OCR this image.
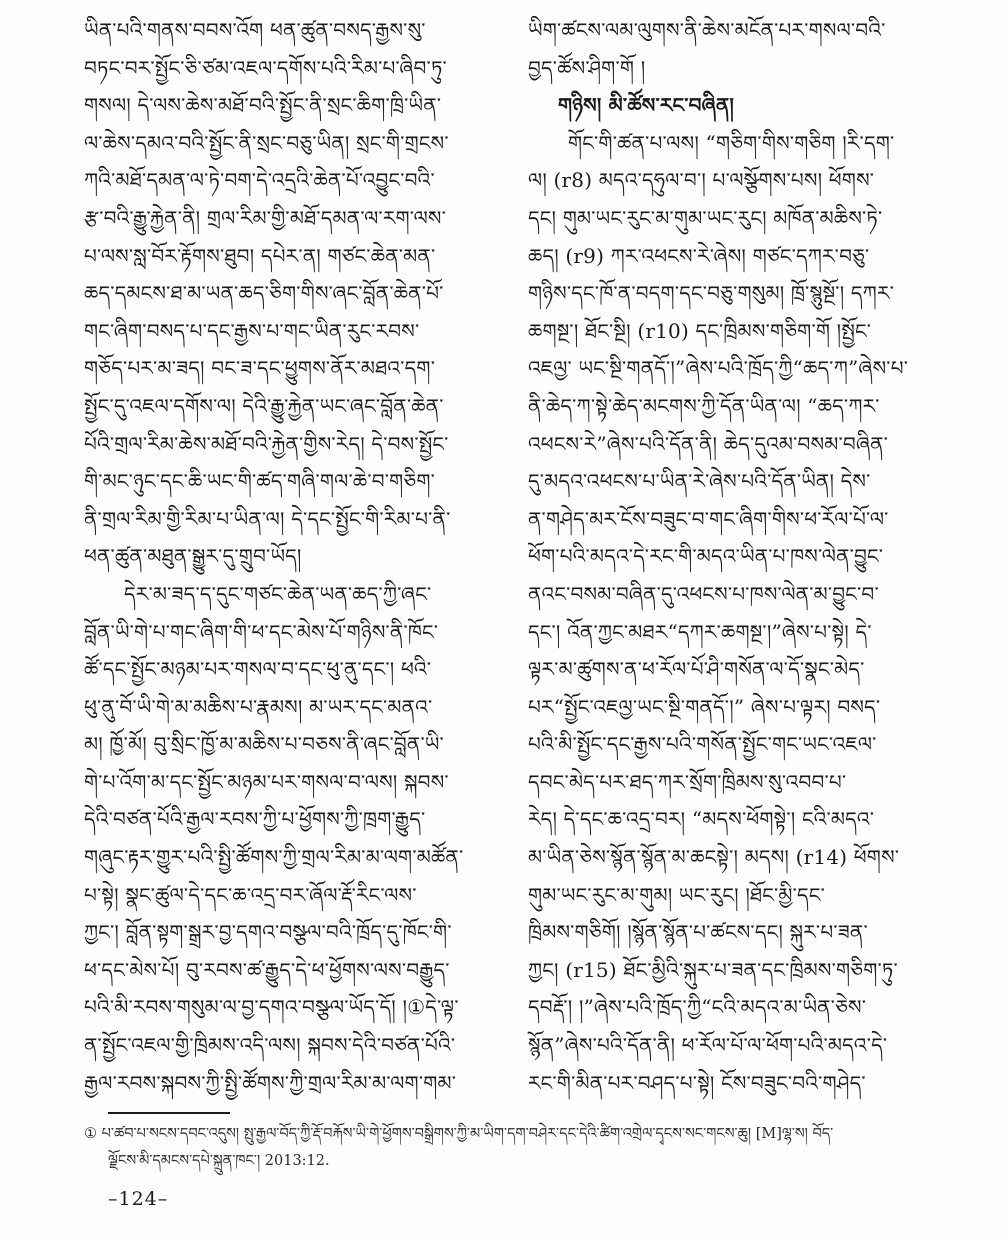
ཡིན་པའི་གནས་བབས་འོག ཕན་ཚུན་བསད་རྒྱས་སུ་
བཏང་བར་སྤྱོང་ཅི་ཙམ་འཇལ་དགོས་པའི་རིམ་པ་ཞིབ་ཏུ་
གསལ། དེ་ལས་ཆེས་མཐོ་བའི་སྤྱོང་ནི་སྲང་ཆིག་ཁྲི་ཡིན་
ལ་ཆེས་དམའ་བའི་སྤྱོང་ནི་སྲང་བཅུ་ཡིན། སྲང་གི་གྲངས་
ཀའི་མཐོ་དམན་ལ་ཏེ་བག་དེ་འདྲའི་ཆེན་པོ་འབྱུང་བའི་
རྩ་བའི་རྒྱུ་རྐྱེན་ནི། གྲལ་རིམ་གྱི་མཐོ་དམན་ལ་རག་ལས་
པ་ལས་སླ་བོར་རྟོགས་ཐུབ། དཔེར་ན། གཙང་ཆེན་མན་
ཆད་དམངས་ཐ་མ་ཡན་ཆད་ཅིག་གིས་ཞང་བློན་ཆེན་པོ་
གང་ཞིག་བསད་པ་དང་རྒྱས་པ་གང་ཡིན་རུང་རབས་
གཅོད་པར་མ་ཟད། བང་ཟ་དང་ཕྱུགས་ནོར་མཐའ་དག་
སྤྱོང་དུ་འཇལ་དགོས་ལ། དེའི་རྒྱུ་རྐྱེན་ཡང་ཞང་བློན་ཆེན་
པོའི་གྲལ་རིམ་ཆེས་མཐོ་བའི་རྐྱེན་གྱིས་རེད། དེ་བས་སྤྱོང་
གི་མང་ཉུང་དང་ཆི་ཡང་གི་ཚད་གཞི་གལ་ཆེ་བ་གཅིག་
ནི་གྲལ་རིམ་གྱི་རིམ་པ་ཡིན་ལ། དེ་དང་སྤྱོང་གི་རིམ་པ་ནི་
ཕན་ཚུན་མཐུན་སྒྱུར་དུ་གྲུབ་ཡོད།
དེར་མ་ཟད་ད་དུང་གཙང་ཆེན་ཡན་ཆད་ཀྱི་ཞང་
བློན་ཡི་གེ་པ་གང་ཞིག་གི་ཕ་དང་མེས་པོ་གཉིས་ནི་ཁོང་
ཚོ་དང་སྤྱོང་མཉམ་པར་གསལ་བ་དང་ཕུ་ནུ་དང་། ཕའི་
ཕུ་ནུ་བོ་ཡི་གེ་མ་མཆིས་པ་རྣམས། མ་ཡར་དང་མནའ་
མ། ཁྱོ་མོ། བུ་སྲིང་ཁྱོ་མ་མཆིས་པ་བཅས་ནི་ཞང་བློན་ཡི་
གེ་པ་འོག་མ་དང་སྤྱོང་མཉམ་པར་གསལ་བ་ལས། སྐབས་
དེའི་བཙན་པོའི་རྒྱལ་རབས་ཀྱི་པ་ཕྱོགས་ཀྱི་ཁྲག་རྒྱུད་
གཞུང་རྟར་གྱུར་པའི་སྤྱི་ཚོགས་ཀྱི་གྲལ་རིམ་མ་ལག་མཚོན་
པ་སྟེ། སྣང་ཚུལ་དེ་དང་ཆ་འདྲ་བར་ཞོལ་རྡོ་རིང་ལས་
ཀྱང་། བློན་སྟག་སྒྲར་བྱ་དགའ་བསྩལ་བའི་ཁྲོད་དུ་ཁོང་གི་
ཕ་དང་མེས་པོ། བུ་རབས་ཚ་རྒྱུད་དེ་ཕ་ཕྱོགས་ལས་བརྒྱུད་
པའི་མི་རབས་གསུམ་ལ་བྱ་དགའ་བསྩལ་ཡོད་དོ། །①དེ་ལྟ་
ན་སྤྱོང་འཇལ་གྱི་ཁྲིམས་འདི་ལས། སྐབས་དེའི་བཙན་པོའི་
རྒྱལ་རབས་སྐབས་ཀྱི་སྤྱི་ཚོགས་ཀྱི་གྲལ་རིམ་མ་ལག་གམ་
ཡིག་ཚངས་ལམ་ལུགས་ནི་ཆེས་མངོན་པར་གསལ་བའི་
བྱད་ཚོས་ཤིག་གོ །
གཉིས། མི་ཚོས་རང་བཞིན།
གོང་གི་ཚན་པ་ལས། “གཅིག་གིས་གཅིག །རི་དག་
ལ། (r8) མདའ་དཧུལ་བ་། པ་ལསྩོགས་པས། ཕོགས་
དང། གུམ་ཡང་རུང་མ་གུམ་ཡང་རུང། མཁོན་མཆིས་ཏེ་
ཆད། (r9) ཀར་འཕངས་རེ་ཞེས། གཙང་དཀར་བཅུ་
གཉིས་དང་ཁོ་ན་བདག་དང་བཅུ་གསུམ། ཁྲོ་སྙུསྔོ་། དཀར་
ཆགསྔ་། ཐོང་སྔི། (r10) དང་ཁྲིམས་གཅིག་གོ །སྤྱོང་
འཇལྱ་ ཡང་སྔི་གནདོ་།”ཞེས་པའི་ཁྲོད་ཀྱི“ཆད་ཀ”ཞེས་པ་
ནི་ཆེད་ཀ་སྟེ་ཆེད་མངགས་ཀྱི་དོན་ཡིན་ལ། “ཆད་ཀར་
འཕངས་རེ”ཞེས་པའི་དོན་ནི། ཆེད་དུའམ་བསམ་བཞིན་
དུ་མདའ་འཕངས་པ་ཡིན་རེ་ཞེས་པའི་དོན་ཡིན། དེས་
ན་གཤེད་མར་ངོས་བཟུང་བ་གང་ཞིག་གིས་ཕ་རོལ་པོ་ལ་
ཕོག་པའི་མདའ་དེ་རང་གི་མདའ་ཡིན་པ་ཁས་ལེན་བྱུང་
ནའང་བསམ་བཞིན་དུ་འཕངས་པ་ཁས་ལེན་མ་བྱུང་བ་
དང་། འོན་ཀྱང་མཐར“དཀར་ཆགསྔ་།”ཞེས་པ་སྟེ། དེ་
ལྟར་མ་ཚུགས་ན་ཕ་རོལ་པོ་ཤི་གསོན་ལ་དོ་སྣང་མེད་
པར“སྤྱོང་འཇལྱ་ཡང་སྔི་གནདོ་།” ཞེས་པ་ལྟར། བསད་
པའི་མི་སྤྱོང་དང་རྒྱས་པའི་གསོན་སྤྱོང་གང་ཡང་འཇལ་
དབང་མེད་པར་ཐད་ཀར་སྲོག་ཁྲིམས་སུ་འབབ་པ་
རེད། དེ་དང་ཆ་འདྲ་བར། “མདས་ཕོགསྟེ་། ངའི་མདའ་
མ་ཡིན་ཅེས་སྙོན་སྙོན་མ་ཆངསྟེ་། མདས། (r14) ཕོགས་
གུམ་ཡང་རུང་མ་གུམ། ཡང་རུང། །ཐོང་མྱི་དང་
ཁྲིམས་གཅིགོ། །སྙོན་སྙོན་པ་ཚངས་དང། སྐུར་པ་ཟན་
ཀྱང། (r15) ཐོང་མྱིའི་སྐུར་པ་ཟན་དང་ཁྲིམས་གཅིག་ཏུ་
དབརྡོ་། །”ཞེས་པའི་ཁྲོད་ཀྱི“ངའི་མདའ་མ་ཡིན་ཅེས་
སྙོན”ཞེས་པའི་དོན་ནི། ཕ་རོལ་པོ་ལ་ཕོག་པའི་མདའ་དེ་
རང་གི་མིན་པར་བཤད་པ་སྟེ། ངོས་བཟུང་བའི་གཤེད་
① པ་ཚབ་པ་སངས་དབང་འདུས། སྤུ་རྒྱལ་བོད་ཀྱི་རྡོ་བརྐོས་ཡི་གེ་ཕྱོགས་བསྒྲིགས་ཀྱི་མ་ཡིག་དག་བཤེར་དང་དེའི་ཚིག་འགྲེལ་དྭངས་སང་གངས་ཆུ། [M]ལྷ་ས། བོད་
ལྗོངས་མི་དམངས་དཔེ་སྐྲུན་ཁང་། 2013:12.
–124–
